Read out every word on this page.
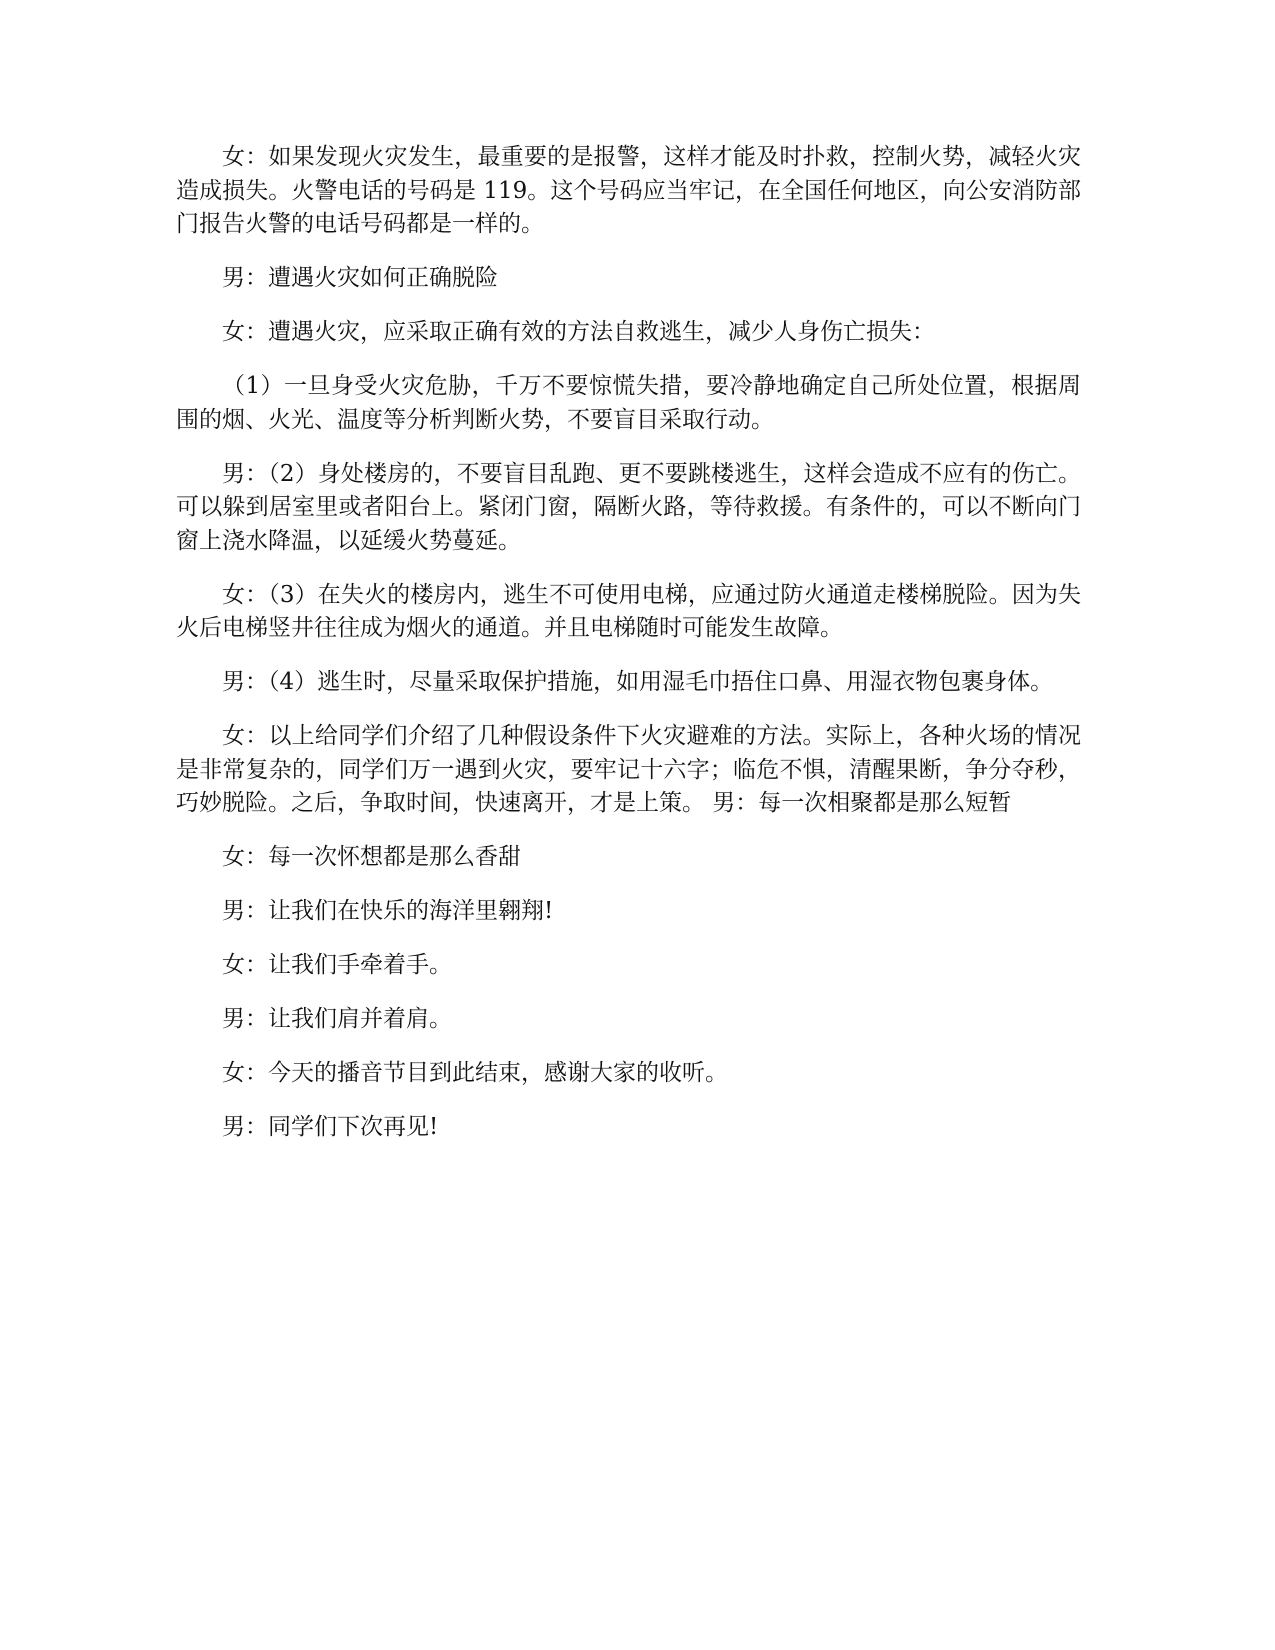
女：如果发现火灾发生，最重要的是报警，这样才能及时扑救，控制火势，减轻火灾造成损失。火警电话的号码是 119。这个号码应当牢记，在全国任何地区，向公安消防部门报告火警的电话号码都是一样的。

男：遭遇火灾如何正确脱险

女：遭遇火灾，应采取正确有效的方法自救逃生，减少人身伤亡损失：

（1）一旦身受火灾危胁，千万不要惊慌失措，要冷静地确定自己所处位置，根据周围的烟、火光、温度等分析判断火势，不要盲目采取行动。

男：（2）身处楼房的，不要盲目乱跑、更不要跳楼逃生，这样会造成不应有的伤亡。可以躲到居室里或者阳台上。紧闭门窗，隔断火路，等待救援。有条件的，可以不断向门窗上浇水降温，以延缓火势蔓延。

女：（3）在失火的楼房内，逃生不可使用电梯，应通过防火通道走楼梯脱险。因为失火后电梯竖井往往成为烟火的通道。并且电梯随时可能发生故障。

男：（4）逃生时，尽量采取保护措施，如用湿毛巾捂住口鼻、用湿衣物包裹身体。

女：以上给同学们介绍了几种假设条件下火灾避难的方法。实际上，各种火场的情况是非常复杂的，同学们万一遇到火灾，要牢记十六字；临危不惧，清醒果断，争分夺秒，巧妙脱险。之后，争取时间，快速离开，才是上策。 男：每一次相聚都是那么短暂

女：每一次怀想都是那么香甜

男：让我们在快乐的海洋里翱翔!

女：让我们手牵着手。

男：让我们肩并着肩。

女：今天的播音节目到此结束，感谢大家的收听。

男：同学们下次再见!
